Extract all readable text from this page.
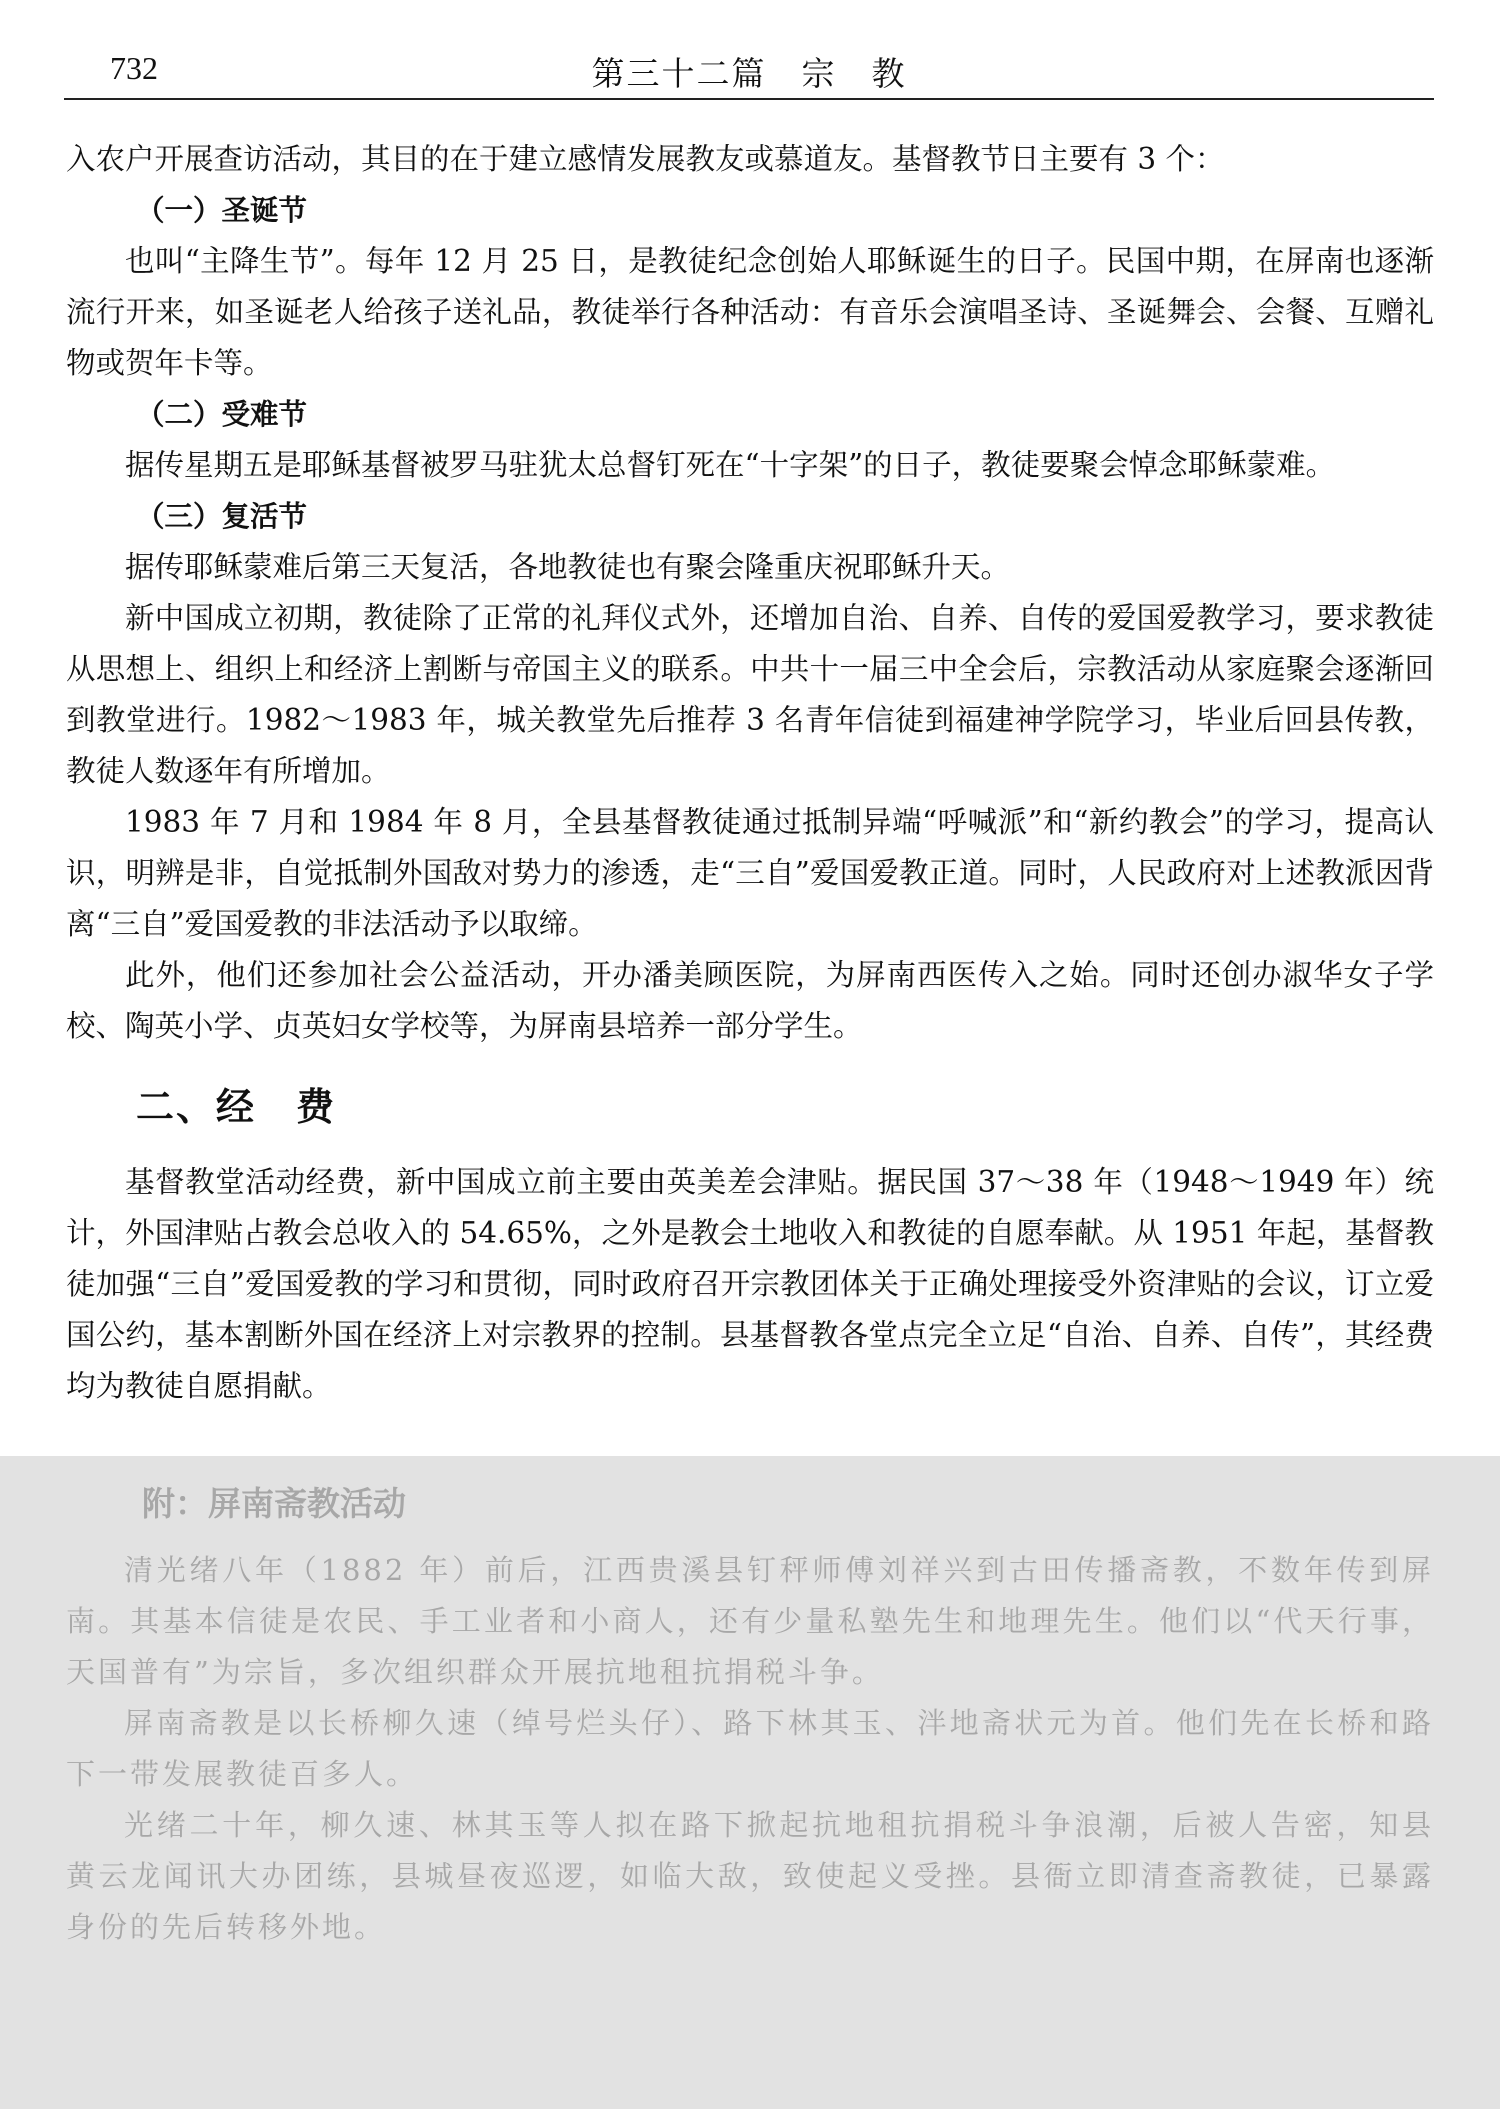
732	第三十二篇　宗　教

入农户开展查访活动，其目的在于建立感情发展教友或慕道友。基督教节日主要有 3 个：

（一）圣诞节

也叫“主降生节”。每年 12 月 25 日，是教徒纪念创始人耶稣诞生的日子。民国中期，在屏南也逐渐流行开来，如圣诞老人给孩子送礼品，教徒举行各种活动：有音乐会演唱圣诗、圣诞舞会、会餐、互赠礼物或贺年卡等。

（二）受难节

据传星期五是耶稣基督被罗马驻犹太总督钉死在“十字架”的日子，教徒要聚会悼念耶稣蒙难。

（三）复活节

据传耶稣蒙难后第三天复活，各地教徒也有聚会隆重庆祝耶稣升天。

新中国成立初期，教徒除了正常的礼拜仪式外，还增加自治、自养、自传的爱国爱教学习，要求教徒从思想上、组织上和经济上割断与帝国主义的联系。中共十一届三中全会后，宗教活动从家庭聚会逐渐回到教堂进行。1982～1983 年，城关教堂先后推荐 3 名青年信徒到福建神学院学习，毕业后回县传教，教徒人数逐年有所增加。

1983 年 7 月和 1984 年 8 月，全县基督教徒通过抵制异端“呼喊派”和“新约教会”的学习，提高认识，明辨是非，自觉抵制外国敌对势力的渗透，走“三自”爱国爱教正道。同时，人民政府对上述教派因背离“三自”爱国爱教的非法活动予以取缔。

此外，他们还参加社会公益活动，开办潘美顾医院，为屏南西医传入之始。同时还创办淑华女子学校、陶英小学、贞英妇女学校等，为屏南县培养一部分学生。

二、经　费

基督教堂活动经费，新中国成立前主要由英美差会津贴。据民国 37～38 年（1948～1949 年）统计，外国津贴占教会总收入的 54.65%，之外是教会土地收入和教徒的自愿奉献。从 1951 年起，基督教徒加强“三自”爱国爱教的学习和贯彻，同时政府召开宗教团体关于正确处理接受外资津贴的会议，订立爱国公约，基本割断外国在经济上对宗教界的控制。县基督教各堂点完全立足“自治、自养、自传”，其经费均为教徒自愿捐献。

附：屏南斋教活动

清光绪八年（1882 年）前后，江西贵溪县钉秤师傅刘祥兴到古田传播斋教，不数年传到屏南。其基本信徒是农民、手工业者和小商人，还有少量私塾先生和地理先生。他们以“代天行事，天国普有”为宗旨，多次组织群众开展抗地租抗捐税斗争。

屏南斋教是以长桥柳久速（绰号烂头仔）、路下林其玉、泮地斋状元为首。他们先在长桥和路下一带发展教徒百多人。

光绪二十年，柳久速、林其玉等人拟在路下掀起抗地租抗捐税斗争浪潮，后被人告密，知县黄云龙闻讯大办团练，县城昼夜巡逻，如临大敌，致使起义受挫。县衙立即清查斋教徒，已暴露身份的先后转移外地。
